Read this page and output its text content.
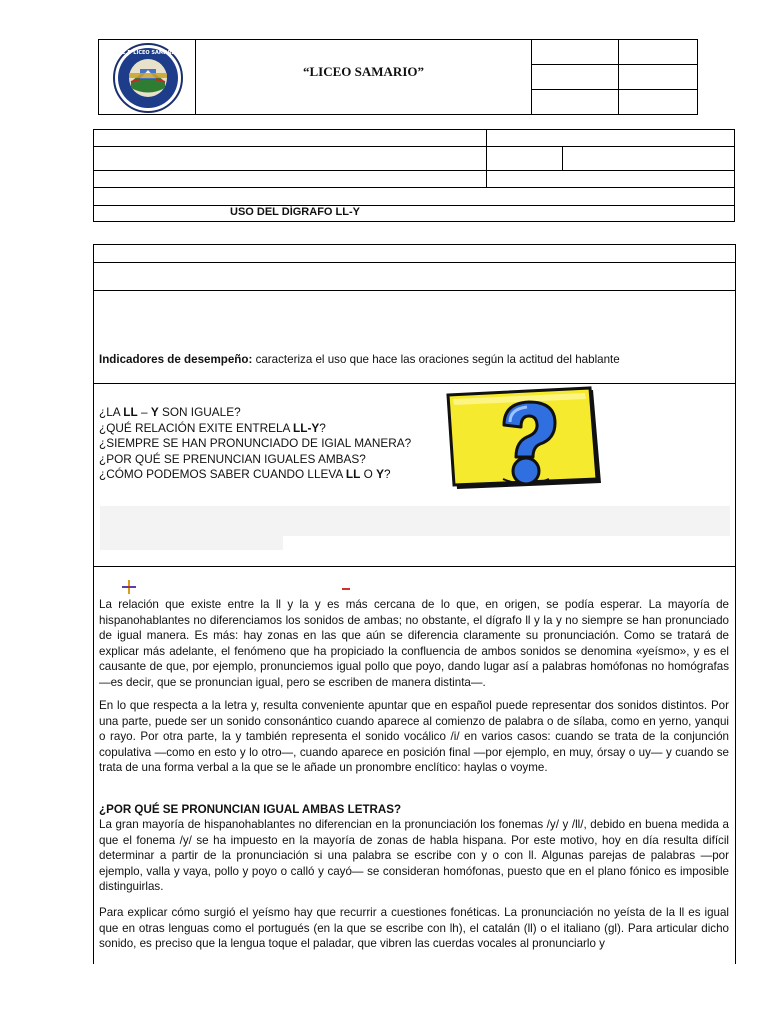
I.E.D LICEO SAMARIO
“LICEO SAMARIO”
USO DEL DÍGRAFO LL-Y
Indicadores de desempeño: caracteriza el uso que hace las oraciones según la actitud del hablante
¿LA LL – Y SON IGUALE?
¿QUÉ RELACIÓN EXITE ENTRELA LL-Y?
¿SIEMPRE SE HAN PRONUNCIADO DE IGIAL MANERA?
¿POR QUÉ SE PRENUNCIAN IGUALES AMBAS?
¿CÓMO PODEMOS SABER CUANDO LLEVA LL O Y?
La relación que existe entre la ll y la y es más cercana de lo que, en origen, se podía esperar. La mayoría de hispanohablantes no diferenciamos los sonidos de ambas; no obstante, el dígrafo ll y la y no siempre se han pronunciado de igual manera. Es más: hay zonas en las que aún se diferencia claramente su pronunciación. Como se tratará de explicar más adelante, el fenómeno que ha propiciado la confluencia de ambos sonidos se denomina «yeísmo», y es el causante de que, por ejemplo, pronunciemos igual pollo que poyo, dando lugar así a palabras homófonas no homógrafas —es decir, que se pronuncian igual, pero se escriben de manera distinta—.
En lo que respecta a la letra y, resulta conveniente apuntar que en español puede representar dos sonidos distintos. Por una parte, puede ser un sonido consonántico cuando aparece al comienzo de palabra o de sílaba, como en yerno, yanqui o rayo. Por otra parte, la y también representa el sonido vocálico /i/ en varios casos: cuando se trata de la conjunción copulativa —como en esto y lo otro—, cuando aparece en posición final —por ejemplo, en muy, órsay o uy— y cuando se trata de una forma verbal a la que se le añade un pronombre enclítico: haylas o voyme.
¿POR QUÉ SE PRONUNCIAN IGUAL AMBAS LETRAS?
La gran mayoría de hispanohablantes no diferencian en la pronunciación los fonemas /y/ y /ll/, debido en buena medida a que el fonema /y/ se ha impuesto en la mayoría de zonas de habla hispana. Por este motivo, hoy en día resulta difícil determinar a partir de la pronunciación si una palabra se escribe con y o con ll. Algunas parejas de palabras —por ejemplo, valla y vaya, pollo y poyo o calló y cayó— se consideran homófonas, puesto que en el plano fónico es imposible distinguirlas.
Para explicar cómo surgió el yeísmo hay que recurrir a cuestiones fonéticas. La pronunciación no yeísta de la ll es igual que en otras lenguas como el portugués (en la que se escribe con lh), el catalán (ll) o el italiano (gl). Para articular dicho sonido, es preciso que la lengua toque el paladar, que vibren las cuerdas vocales al pronunciarlo y
